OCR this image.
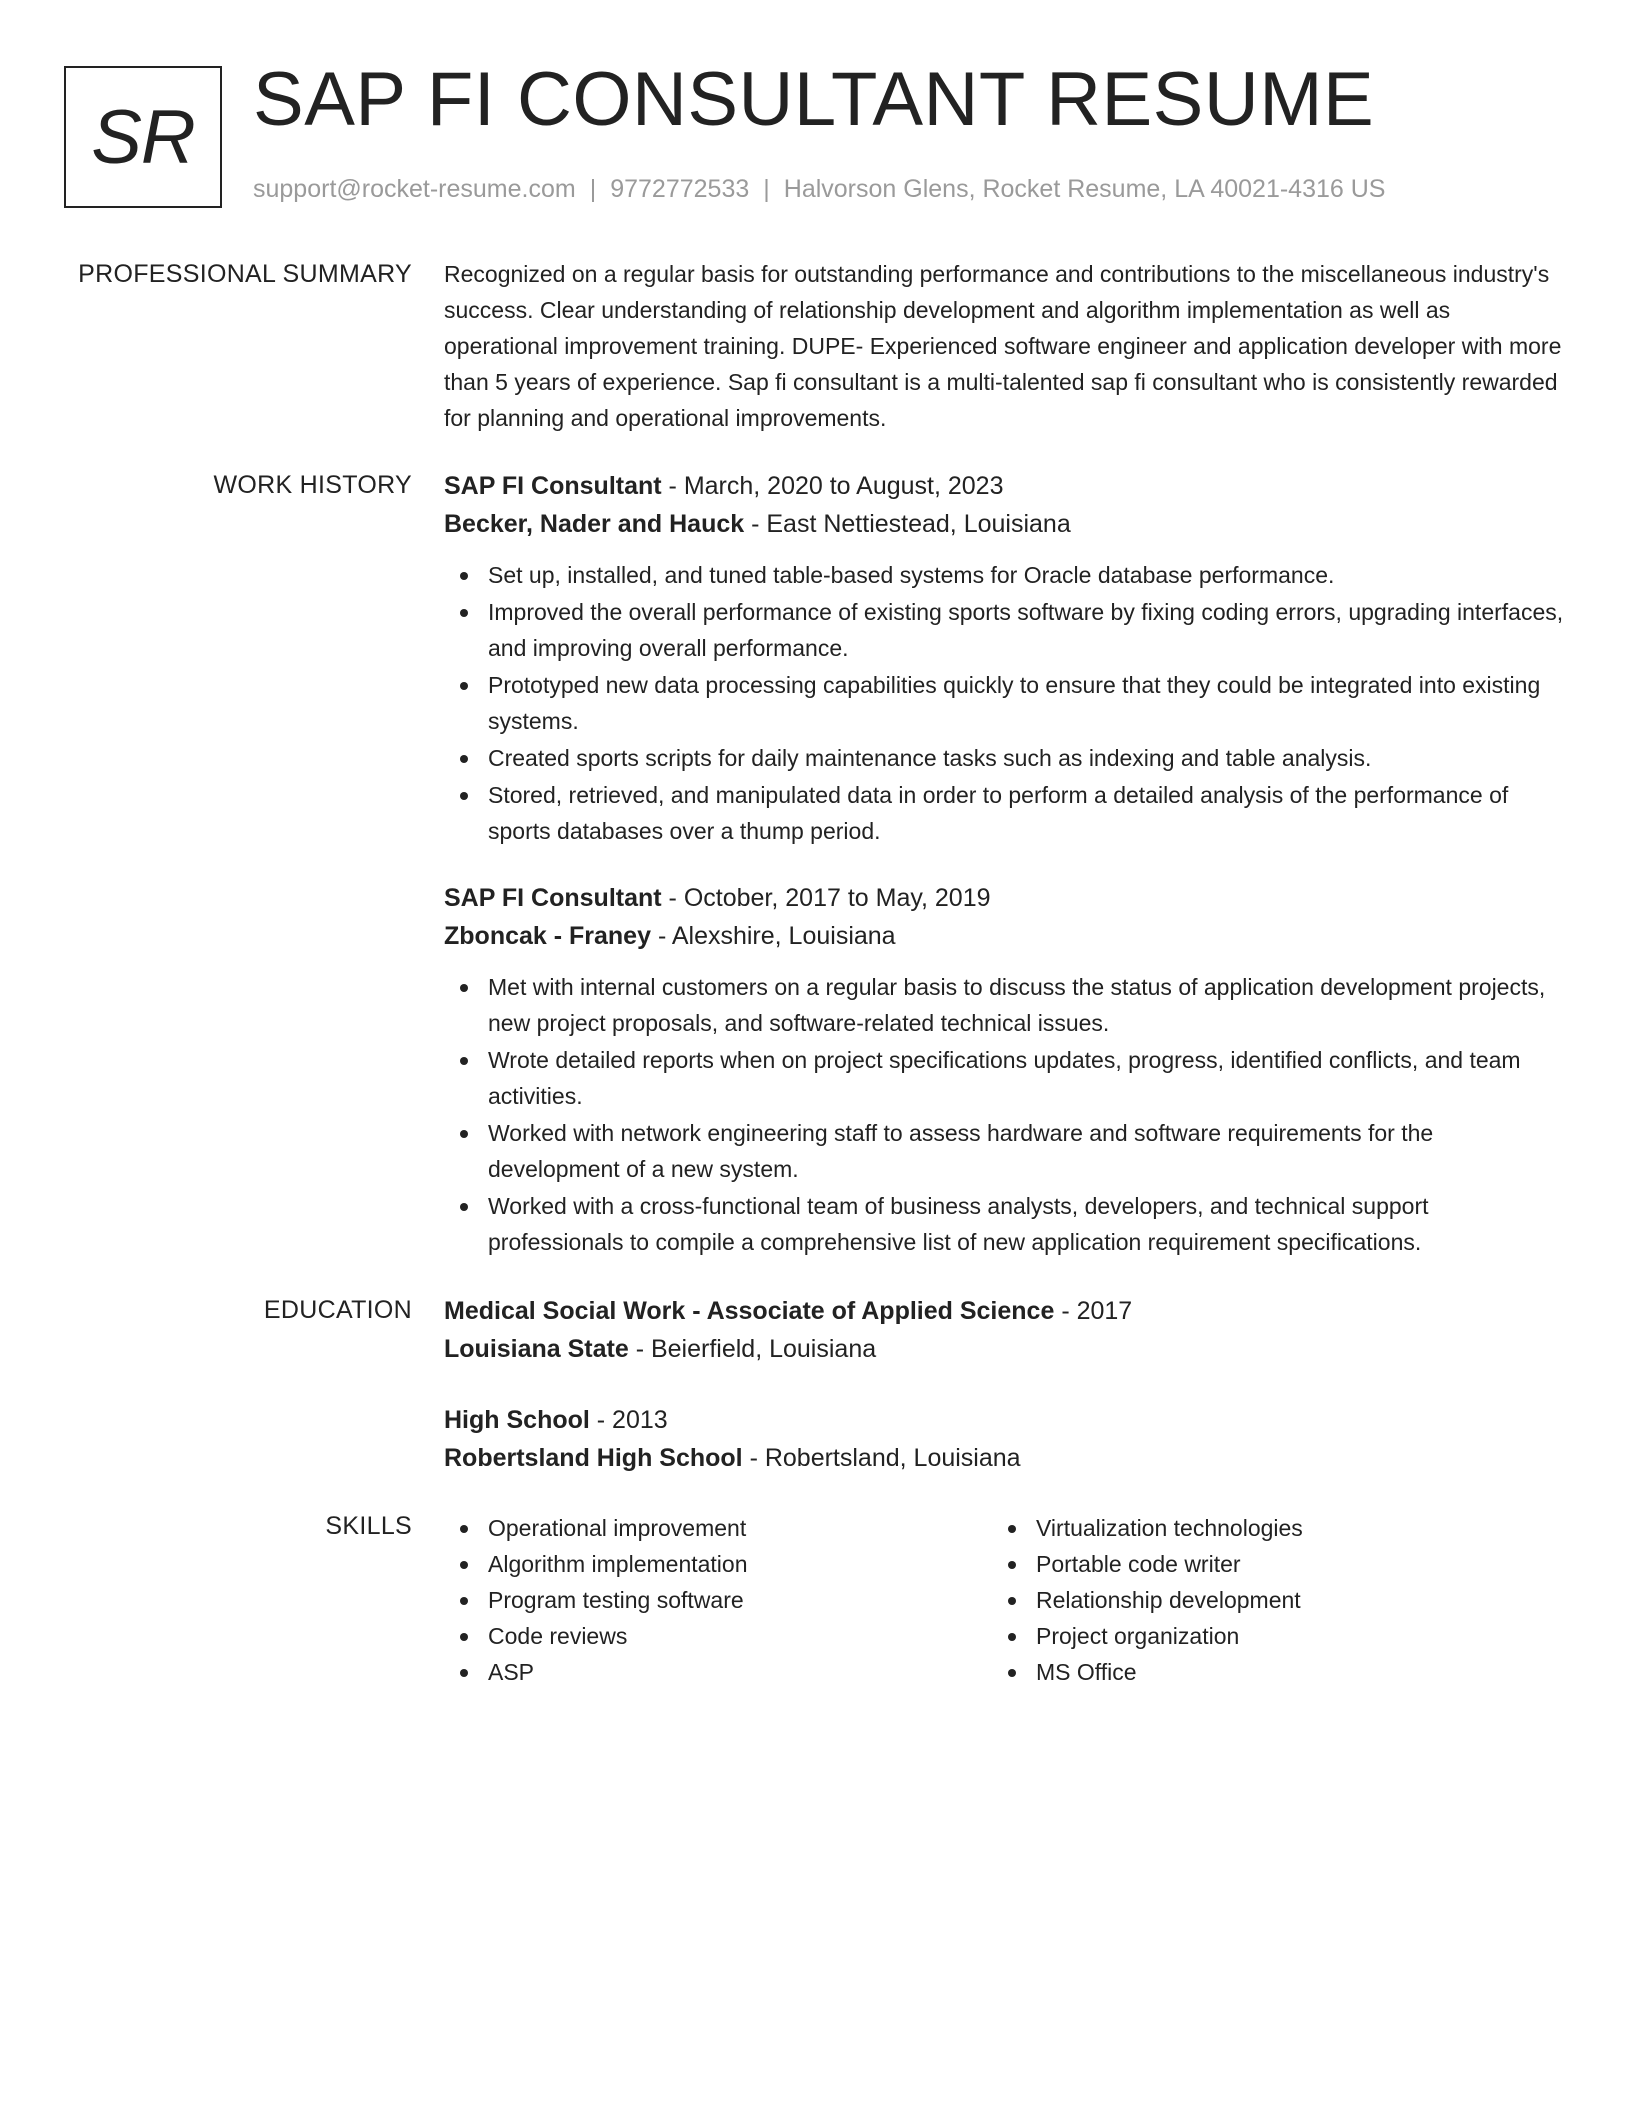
SR SAP FI CONSULTANT RESUME
support@rocket-resume.com | 9772772533 | Halvorson Glens, Rocket Resume, LA 40021-4316 US
PROFESSIONAL SUMMARY Recognized on a regular basis for outstanding performance and contributions to the miscellaneous industry's success. Clear understanding of relationship development and algorithm implementation as well as operational improvement training. DUPE- Experienced software engineer and application developer with more than 5 years of experience. Sap fi consultant is a multi-talented sap fi consultant who is consistently rewarded for planning and operational improvements.
WORK HISTORY SAP FI Consultant - March, 2020 to August, 2023
Becker, Nader and Hauck - East Nettiestead, Louisiana
Set up, installed, and tuned table-based systems for Oracle database performance.
Improved the overall performance of existing sports software by fixing coding errors, upgrading interfaces, and improving overall performance.
Prototyped new data processing capabilities quickly to ensure that they could be integrated into existing systems.
Created sports scripts for daily maintenance tasks such as indexing and table analysis.
Stored, retrieved, and manipulated data in order to perform a detailed analysis of the performance of sports databases over a thump period.
SAP FI Consultant - October, 2017 to May, 2019
Zboncak - Franey - Alexshire, Louisiana
Met with internal customers on a regular basis to discuss the status of application development projects, new project proposals, and software-related technical issues.
Wrote detailed reports when on project specifications updates, progress, identified conflicts, and team activities.
Worked with network engineering staff to assess hardware and software requirements for the development of a new system.
Worked with a cross-functional team of business analysts, developers, and technical support professionals to compile a comprehensive list of new application requirement specifications.
EDUCATION Medical Social Work - Associate of Applied Science - 2017
Louisiana State - Beierfield, Louisiana
High School - 2013
Robertsland High School - Robertsland, Louisiana
SKILLS	Operational improvement
Algorithm implementation
Program testing software
Code reviews
ASP
Virtualization technologies
Portable code writer
Relationship development
Project organization
MS Office
